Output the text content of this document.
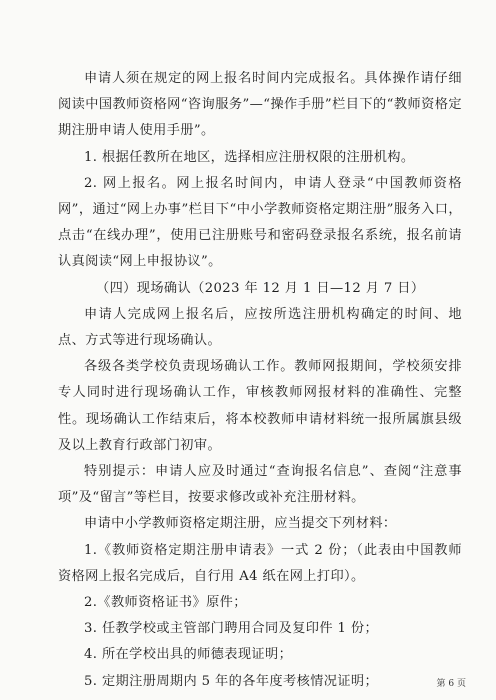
申请人须在规定的网上报名时间内完成报名。具体操作请仔细阅读中国教师资格网“咨询服务”—“操作手册”栏目下的“教师资格定期注册申请人使用手册”。

1. 根据任教所在地区，选择相应注册权限的注册机构。

2. 网上报名。网上报名时间内，申请人登录“中国教师资格网”，通过“网上办事”栏目下“中小学教师资格定期注册”服务入口，点击“在线办理”，使用已注册账号和密码登录报名系统，报名前请认真阅读“网上申报协议”。

（四）现场确认（2023 年 12 月 1 日—12 月 7 日）

申请人完成网上报名后，应按所选注册机构确定的时间、地点、方式等进行现场确认。

各级各类学校负责现场确认工作。教师网报期间，学校须安排专人同时进行现场确认工作，审核教师网报材料的准确性、完整性。现场确认工作结束后，将本校教师申请材料统一报所属旗县级及以上教育行政部门初审。

特别提示：申请人应及时通过“查询报名信息”、查阅“注意事项”及“留言”等栏目，按要求修改或补充注册材料。

申请中小学教师资格定期注册，应当提交下列材料：

1.《教师资格定期注册申请表》一式 2 份；（此表由中国教师资格网上报名完成后，自行用 A4 纸在网上打印）。

2.《教师资格证书》原件；

3. 任教学校或主管部门聘用合同及复印件 1 份；

4. 所在学校出具的师德表现证明；

5. 定期注册周期内 5 年的各年度考核情况证明；	第 6 页
